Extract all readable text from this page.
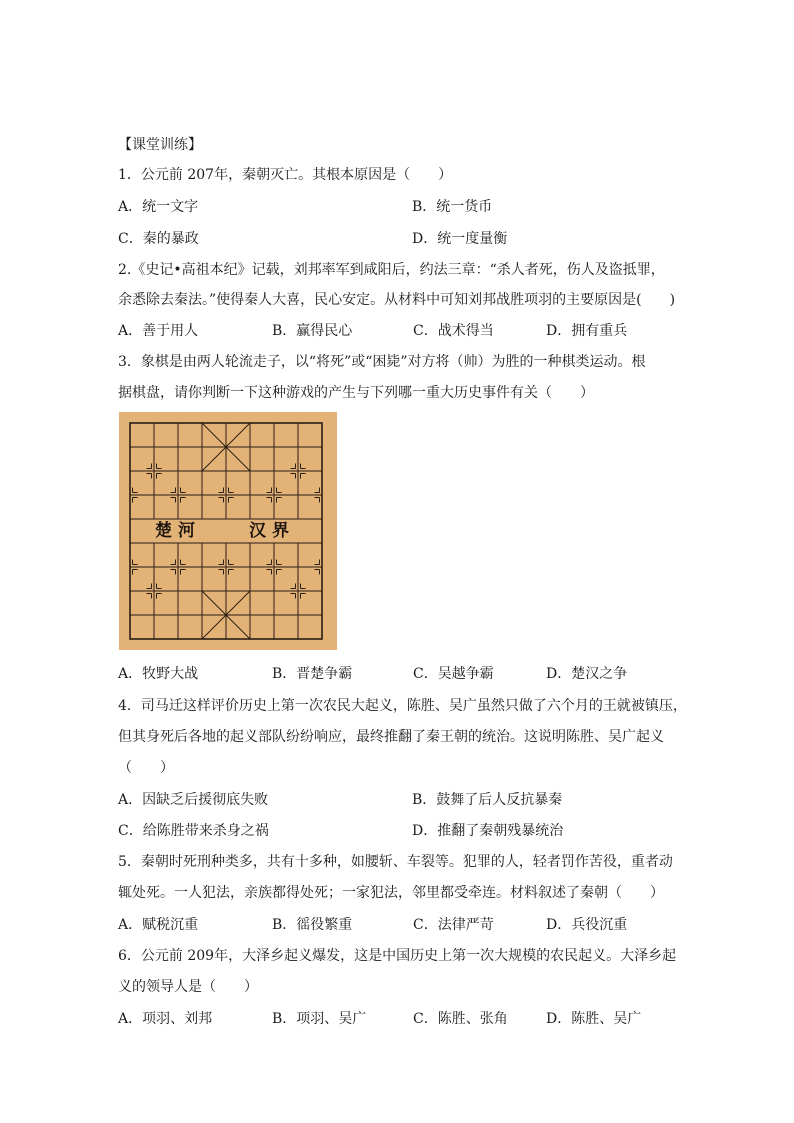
【课堂训练】
1．公元前 207年，秦朝灭亡。其根本原因是（　　）
A．统一文字	B．统一货币
C．秦的暴政	D．统一度量衡
2.《史记•高祖本纪》记载，刘邦率军到咸阳后，约法三章：“杀人者死，伤人及盗抵罪，
余悉除去秦法。”使得秦人大喜，民心安定。从材料中可知刘邦战胜项羽的主要原因是(　　)
A．善于用人	B．赢得民心	C．战术得当	D．拥有重兵
3．象棋是由两人轮流走子，以“将死”或“困毙”对方将（帅）为胜的一种棋类运动。根
据棋盘，请你判断一下这种游戏的产生与下列哪一重大历史事件有关（　　）
楚 河	汉 界
A．牧野大战	B．晋楚争霸	C．吴越争霸	D．楚汉之争
4．司马迁这样评价历史上第一次农民大起义，陈胜、吴广虽然只做了六个月的王就被镇压，
但其身死后各地的起义部队纷纷响应，最终推翻了秦王朝的统治。这说明陈胜、吴广起义
（　　）
A．因缺乏后援彻底失败	B．鼓舞了后人反抗暴秦
C．给陈胜带来杀身之祸	D．推翻了秦朝残暴统治
5．秦朝时死刑种类多，共有十多种，如腰斩、车裂等。犯罪的人，轻者罚作苦役，重者动
辄处死。一人犯法，亲族都得处死；一家犯法，邻里都受牵连。材料叙述了秦朝（　　）
A．赋税沉重	B．徭役繁重	C．法律严苛	D．兵役沉重
6．公元前 209年，大泽乡起义爆发，这是中国历史上第一次大规模的农民起义。大泽乡起
义的领导人是（　　）
A．项羽、刘邦	B．项羽、吴广	C．陈胜、张角	D．陈胜、吴广
